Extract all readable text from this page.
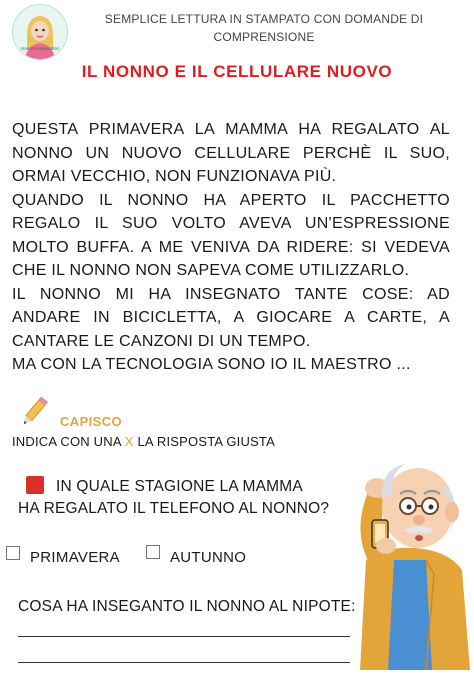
maestra inspiration
SEMPLICE LETTURA IN STAMPATO CON DOMANDE DI
COMPRENSIONE
IL NONNO E IL CELLULARE NUOVO

QUESTA PRIMAVERA LA MAMMA HA REGALATO AL NONNO UN NUOVO CELLULARE PERCHÈ IL SUO, ORMAI VECCHIO, NON FUNZIONAVA PIÙ.

QUANDO IL NONNO HA APERTO IL PACCHETTO REGALO IL SUO VOLTO AVEVA UN'ESPRESSIONE MOLTO BUFFA. A ME VENIVA DA RIDERE: SI VEDEVA CHE IL NONNO NON SAPEVA COME UTILIZZARLO.

IL NONNO MI HA INSEGNATO TANTE COSE: AD ANDARE IN BICICLETTA, A GIOCARE A CARTE, A CANTARE LE CANZONI DI UN TEMPO.

MA CON LA TECNOLOGIA SONO IO IL MAESTRO ...

CAPISCO
INDICA CON UNA X LA RISPOSTA GIUSTA
IN QUALE STAGIONE LA MAMMA
HA REGALATO IL TELEFONO AL NONNO?
PRIMAVERA	AUTUNNO
COSA HA INSEGANTO IL NONNO AL NIPOTE:
